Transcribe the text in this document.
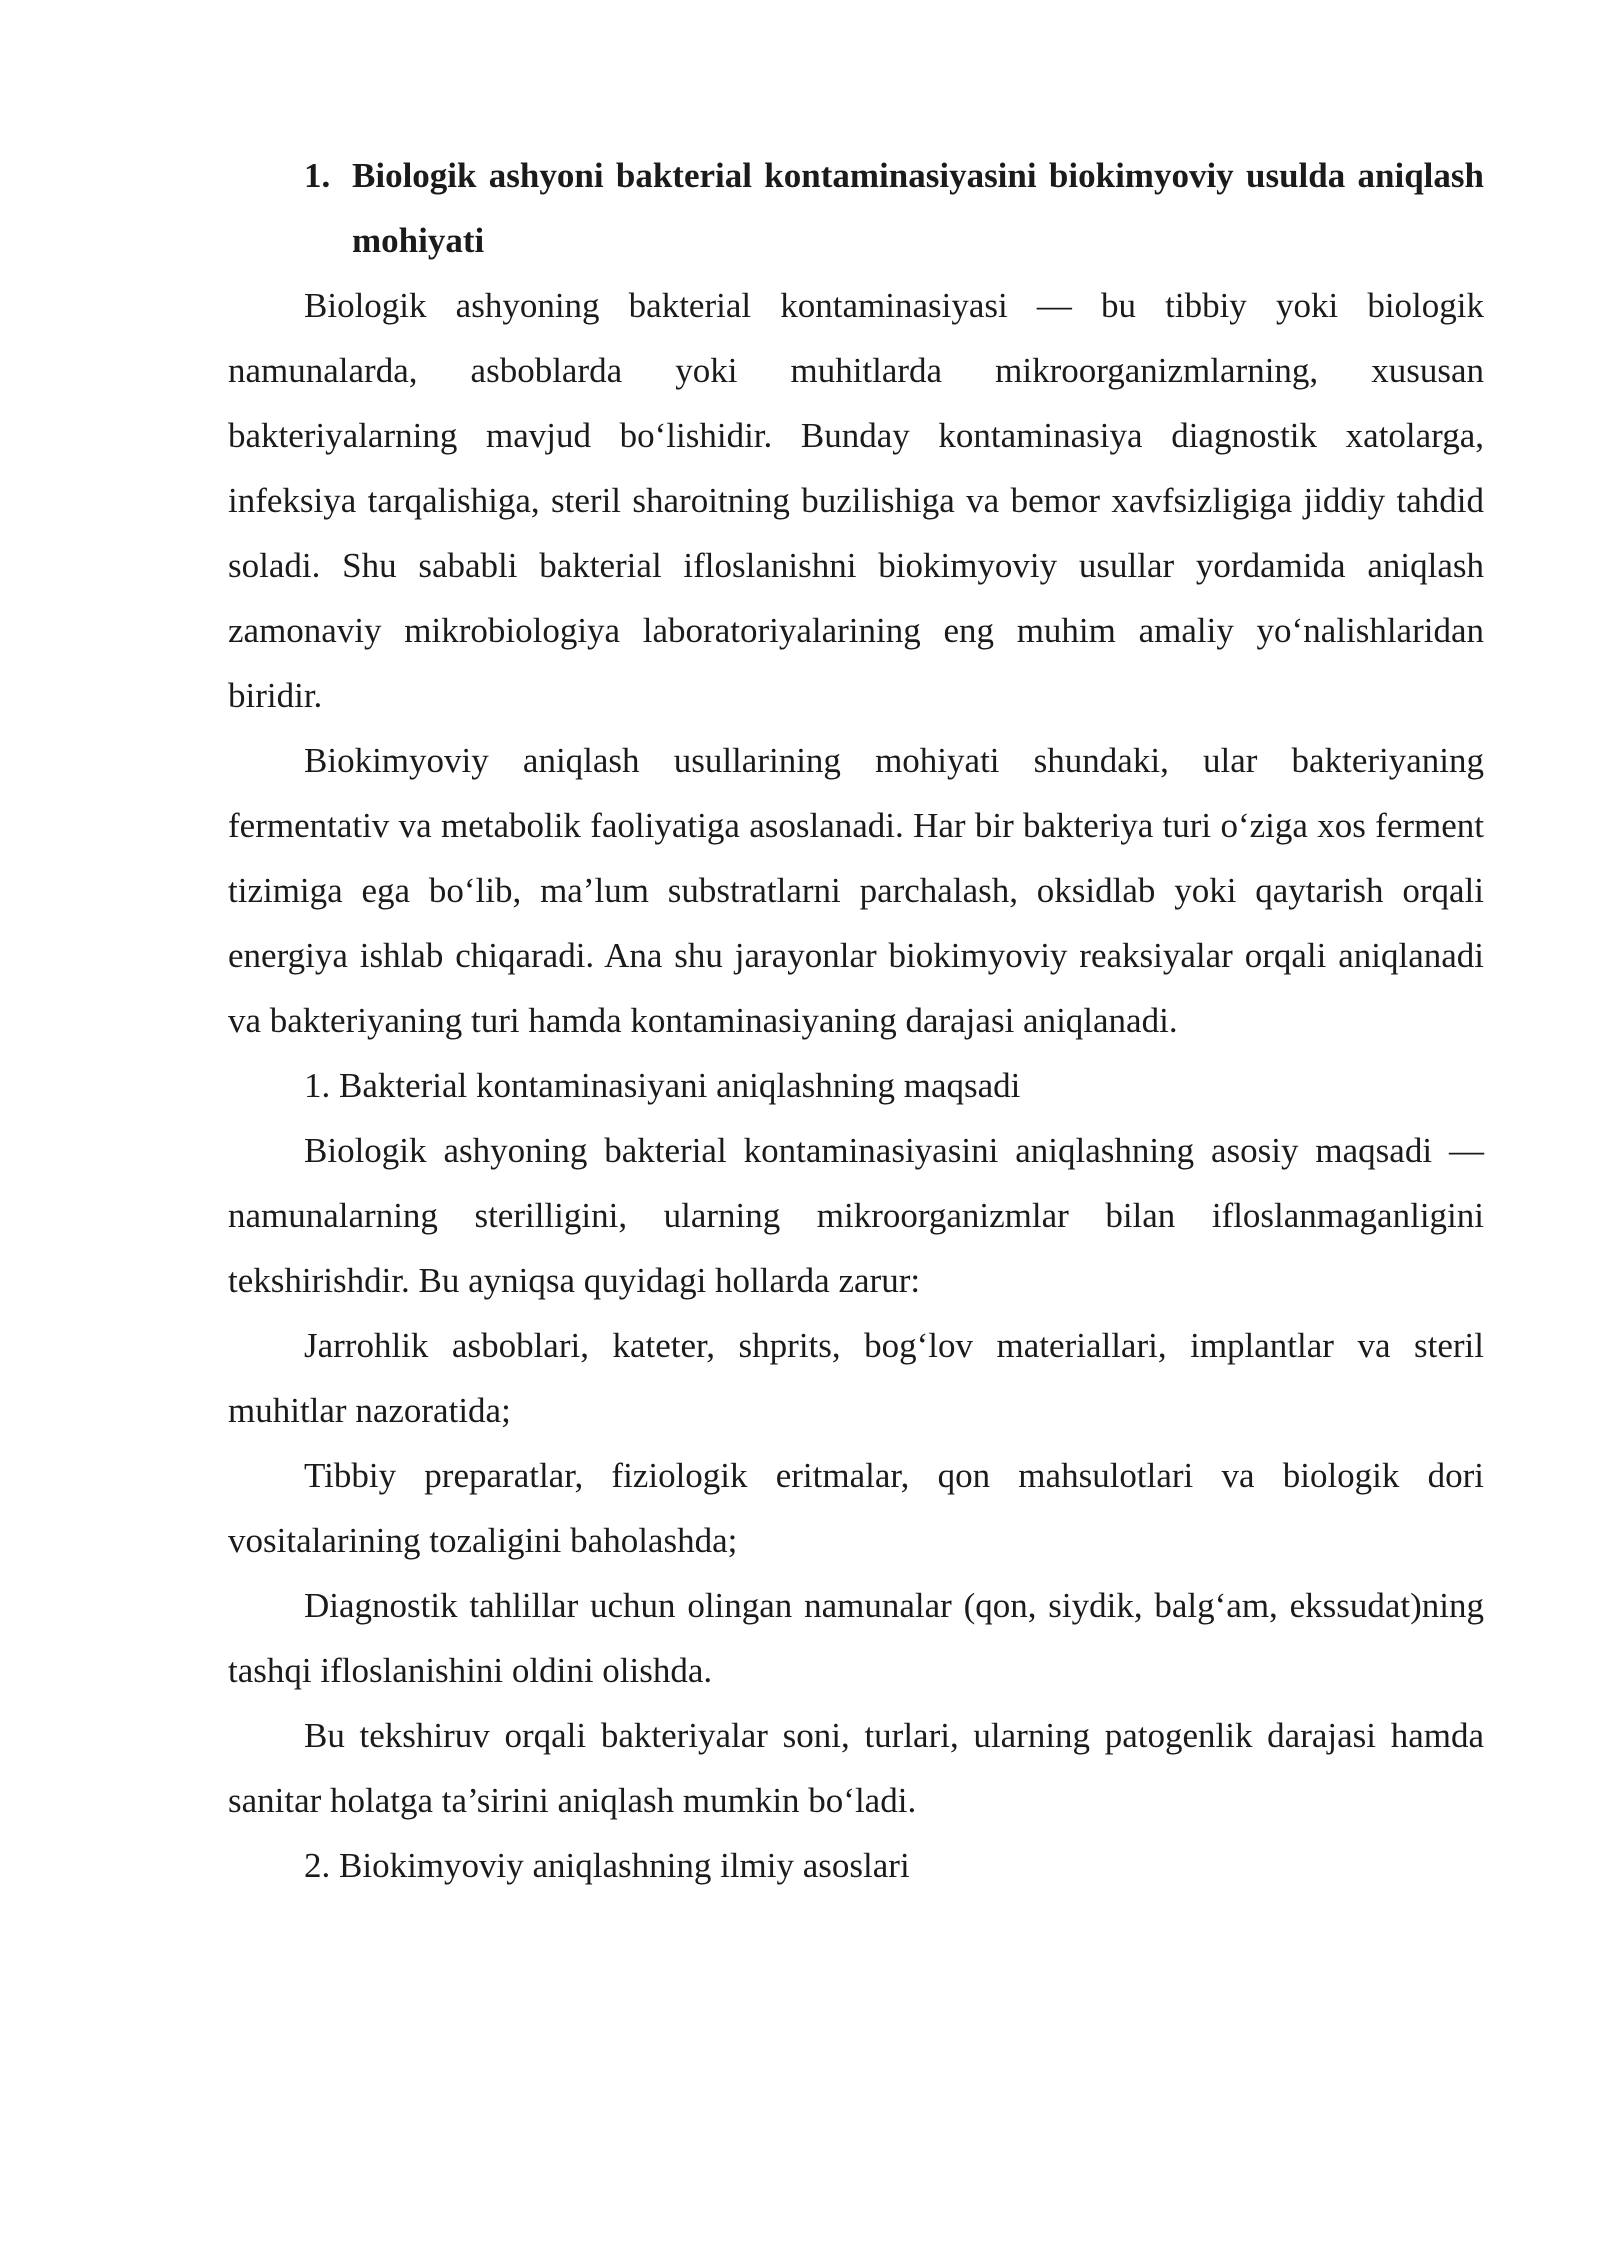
1. Biologik ashyoni bakterial kontaminasiyasini biokimyoviy usulda aniqlash mohiyati

Biologik ashyoning bakterial kontaminasiyasi — bu tibbiy yoki biologik namunalarda, asboblarda yoki muhitlarda mikroorganizmlarning, xususan bakteriyalarning mavjud bo‘lishidir. Bunday kontaminasiya diagnostik xatolarga, infeksiya tarqalishiga, steril sharoitning buzilishiga va bemor xavfsizligiga jiddiy tahdid soladi. Shu sababli bakterial ifloslanishni biokimyoviy usullar yordamida aniqlash zamonaviy mikrobiologiya laboratoriyalarining eng muhim amaliy yo‘nalishlaridan biridir.

Biokimyoviy aniqlash usullarining mohiyati shundaki, ular bakteriyaning fermentativ va metabolik faoliyatiga asoslanadi. Har bir bakteriya turi o‘ziga xos ferment tizimiga ega bo‘lib, ma’lum substratlarni parchalash, oksidlab yoki qaytarish orqali energiya ishlab chiqaradi. Ana shu jarayonlar biokimyoviy reaksiyalar orqali aniqlanadi va bakteriyaning turi hamda kontaminasiyaning darajasi aniqlanadi.

1. Bakterial kontaminasiyani aniqlashning maqsadi

Biologik ashyoning bakterial kontaminasiyasini aniqlashning asosiy maqsadi — namunalarning sterilligini, ularning mikroorganizmlar bilan ifloslanmaganligini tekshirishdir. Bu ayniqsa quyidagi hollarda zarur:

Jarrohlik asboblari, kateter, shprits, bog‘lov materiallari, implantlar va steril muhitlar nazoratida;

Tibbiy preparatlar, fiziologik eritmalar, qon mahsulotlari va biologik dori vositalarining tozaligini baholashda;

Diagnostik tahlillar uchun olingan namunalar (qon, siydik, balg‘am, ekssudat)ning tashqi ifloslanishini oldini olishda.

Bu tekshiruv orqali bakteriyalar soni, turlari, ularning patogenlik darajasi hamda sanitar holatga ta’sirini aniqlash mumkin bo‘ladi.

2. Biokimyoviy aniqlashning ilmiy asoslari
